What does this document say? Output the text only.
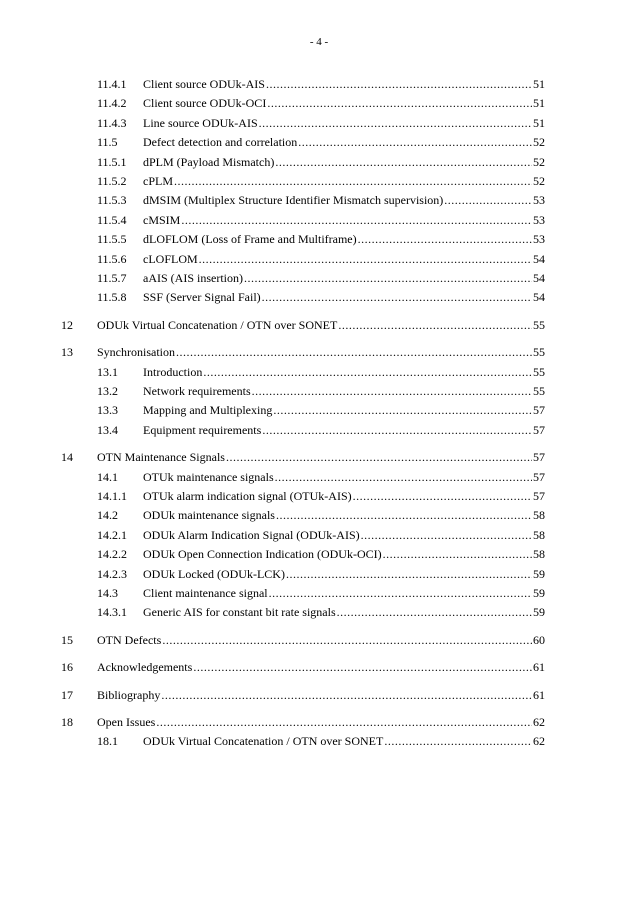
- 4 -
11.4.1 Client source ODUk-AIS .....	51
11.4.2 Client source ODUk-OCI .....	51
11.4.3 Line source ODUk-AIS .....	51
11.5 Defect detection and correlation .....	52
11.5.1 dPLM (Payload Mismatch) .....	52
11.5.2 cPLM .....	52
11.5.3 dMSIM (Multiplex Structure Identifier Mismatch supervision) .....	53
11.5.4 cMSIM .....	53
11.5.5 dLOFLOM (Loss of Frame and Multiframe) .....	53
11.5.6 cLOFLOM .....	54
11.5.7 aAIS (AIS insertion) .....	54
11.5.8 SSF (Server Signal Fail) .....	54
12 ODUk Virtual Concatenation / OTN over SONET .....	55
13 Synchronisation .....	55
13.1 Introduction .....	55
13.2 Network requirements .....	55
13.3 Mapping and Multiplexing .....	57
13.4 Equipment requirements .....	57
14 OTN Maintenance Signals .....	57
14.1 OTUk maintenance signals .....	57
14.1.1 OTUk alarm indication signal (OTUk-AIS) .....	57
14.2 ODUk maintenance signals .....	58
14.2.1 ODUk Alarm Indication Signal (ODUk-AIS) .....	58
14.2.2 ODUk Open Connection Indication (ODUk-OCI) .....	58
14.2.3 ODUk Locked (ODUk-LCK) .....	59
14.3 Client maintenance signal .....	59
14.3.1 Generic AIS for constant bit rate signals .....	59
15 OTN Defects .....	60
16 Acknowledgements .....	61
17 Bibliography .....	61
18 Open Issues .....	62
18.1 ODUk Virtual Concatenation / OTN over SONET .....	62
